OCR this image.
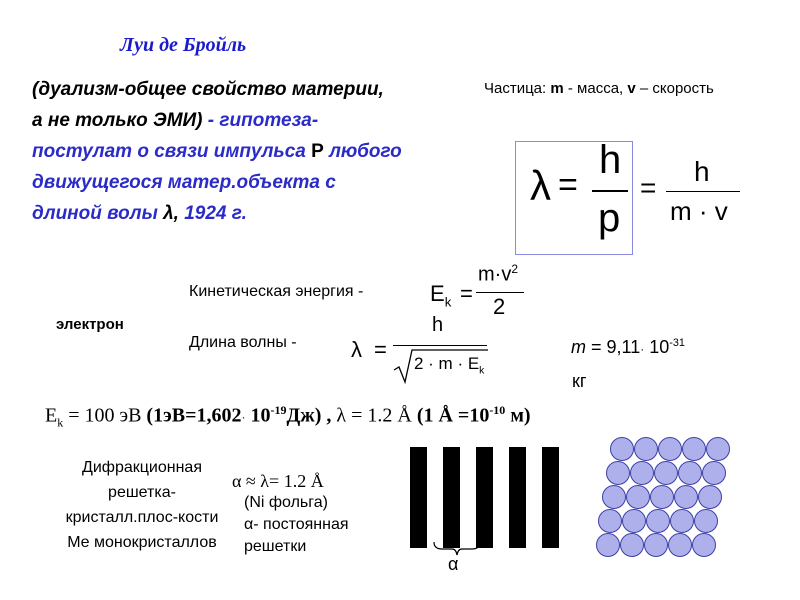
Луи де Бройль
(дуализм-общее свойство материи,
а не только ЭМИ) - гипотеза-
постулат о связи импульса Р любого
движущегося матер.объекта с
длиной волы λ, 1924 г.
Частица: m - масса, v – скорость
λ =
h
p
=
h
m · v
Кинетическая энергия -	$E_k$ =
$m\cdot v^2$
2
электрон
Длина волны - λ =
h
$2 \cdot m \cdot E_k$
$m = 9,11\cdot 10^{-31}$
кг
$E_k = 100$ эВ $(1эВ=1,602\cdot 10^{-19}Дж)$ , λ = 1.2 Å (1 Å $=10^{-10}$ м)
Дифракционная решетка-кристалл.плос-кости Me монокристаллов
α ≈ λ= 1.2 Å
(Ni фольга)
α- постоянная
решетки
α
